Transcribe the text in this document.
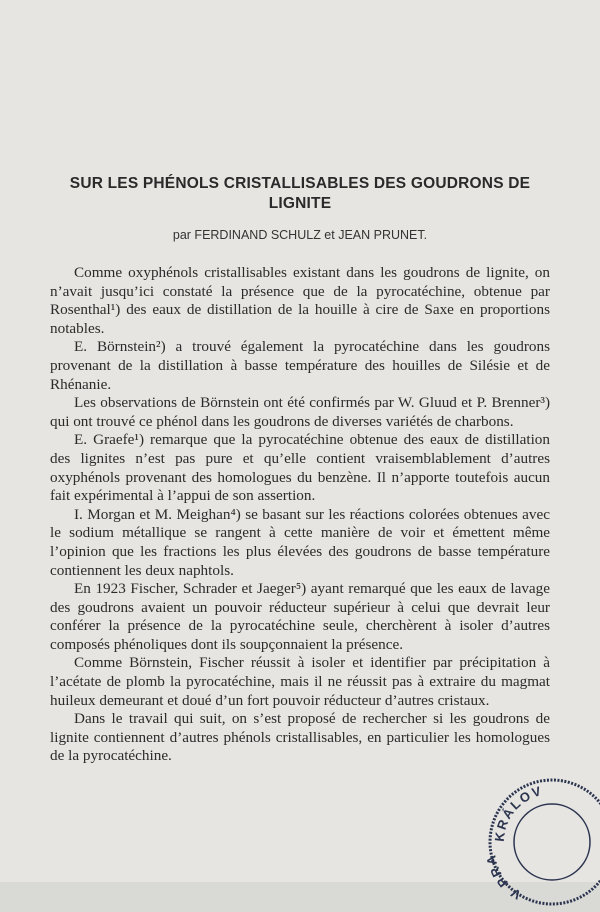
SUR LES PHÉNOLS CRISTALLISABLES DES GOUDRONS DE LIGNITE

par FERDINAND SCHULZ et JEAN PRUNET.

Comme oxyphénols cristallisables existant dans les goudrons de lignite, on n’avait jusqu’ici constaté la présence que de la pyrocatéchine, obtenue par Rosenthal¹) des eaux de distillation de la houille à cire de Saxe en proportions notables.

E. Börnstein²) a trouvé également la pyrocatéchine dans les goudrons provenant de la distillation à basse température des houilles de Silésie et de Rhénanie.

Les observations de Börnstein ont été confirmés par W. Gluud et P. Brenner³) qui ont trouvé ce phénol dans les goudrons de diverses variétés de charbons.

E. Graefe¹) remarque que la pyrocatéchine obtenue des eaux de distillation des lignites n’est pas pure et qu’elle contient vraisemblablement d’autres oxyphénols provenant des homologues du benzène. Il n’apporte toutefois aucun fait expérimental à l’appui de son assertion.

I. Morgan et M. Meighan⁴) se basant sur les réactions colorées obtenues avec le sodium métallique se rangent à cette manière de voir et émettent même l’opinion que les fractions les plus élevées des goudrons de basse température contiennent les deux naphtols.

En 1923 Fischer, Schrader et Jaeger⁵) ayant remarqué que les eaux de lavage des goudrons avaient un pouvoir réducteur supérieur à celui que devrait leur conférer la présence de la pyrocatéchine seule, cherchèrent à isoler d’autres composés phénoliques dont ils soupçonnaient la présence.

Comme Börnstein, Fischer réussit à isoler et identifier par précipitation à l’acétate de plomb la pyrocatéchine, mais il ne réussit pas à extraire du magmat huileux demeurant et doué d’un fort pouvoir réducteur d’autres cristaux.

Dans le travail qui suit, on s’est proposé de rechercher si les goudrons de lignite contiennent d’autres phénols cristallisables, en particulier les homologues de la pyrocatéchine.

KRÁLOV
V PRA
